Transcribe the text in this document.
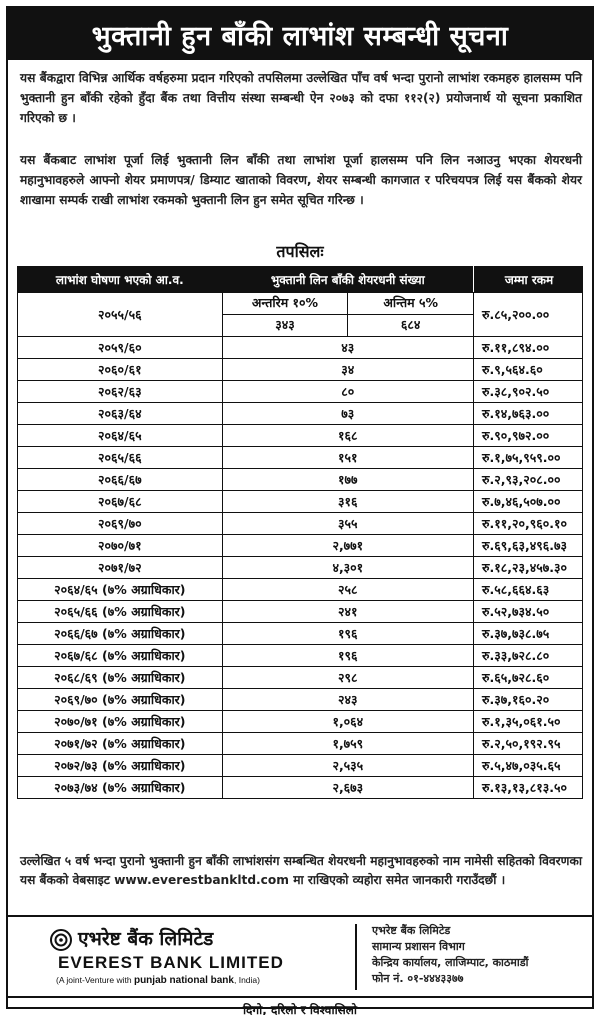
भुक्तानी हुन बाँकी लाभांश सम्बन्धी सूचना

यस बैंकद्वारा विभिन्न आर्थिक वर्षहरुमा प्रदान गरिएको तपसिलमा उल्लेखित पाँच वर्ष भन्दा पुरानो लाभांश रकमहरु हालसम्म पनि भुक्तानी हुन बाँकी रहेको हुँदा बैंक तथा वित्तीय संस्था सम्बन्धी ऐन २०७३ को दफा ११२(२) प्रयोजनार्थ यो सूचना प्रकाशित गरिएको छ ।

यस बैंकबाट लाभांश पूर्जा लिई भुक्तानी लिन बाँकी तथा लाभांश पूर्जा हालसम्म पनि लिन नआउनु भएका शेयरधनी महानुभावहरुले आफ्नो शेयर प्रमाणपत्र/ डिम्याट खाताको विवरण, शेयर सम्बन्धी कागजात र परिचयपत्र लिई यस बैंकको शेयर शाखामा सम्पर्क राखी लाभांश रकमको भुक्तानी लिन हुन समेत सूचित गरिन्छ ।

तपसिलः
लाभांश घोषणा भएको आ.व.	भुक्तानी लिन बाँकी शेयरधनी संख्या	जम्मा रकम
२०५५/५६	अन्तरिम १०% अन्तिम ५%	रु.८५,२००.००

	३४३ ६८४	

२०५९/६०	४३	रु.११,८९४.००
२०६०/६१	३४	रु.९,५६४.६०
२०६२/६३	८०	रु.३८,९०२.५०
२०६३/६४	७३	रु.१४,७६३.००
२०६४/६५	१६८	रु.९०,९७२.००
२०६५/६६	१५१	रु.१,७५,९५९.००
२०६६/६७	१७७	रु.२,९३,२०८.००
२०६७/६८	३१६	रु.७,४६,५०७.००
२०६९/७०	३५५	रु.११,२०,९६०.१०
२०७०/७१	२,७७१	रु.६९,६३,४९६.७३
२०७१/७२	४,३०१	रु.१८,२३,४५७.३०
२०६४/६५ (७% अग्राधिकार)	२५८	रु.५८,६६४.६३
२०६५/६६ (७% अग्राधिकार)	२४१	रु.५२,७३४.५०
२०६६/६७ (७% अग्राधिकार)	१९६	रु.३७,७३८.७५
२०६७/६८ (७% अग्राधिकार)	१९६	रु.३३,७२८.८०
२०६८/६९ (७% अग्राधिकार)	२९८	रु.६५,७२८.६०
२०६९/७० (७% अग्राधिकार)	२४३	रु.३७,१६०.२०
२०७०/७१ (७% अग्राधिकार)	१,०६४	रु.१,३५,०६१.५०
२०७१/७२ (७% अग्राधिकार)	१,७५९	रु.२,५०,१९२.९५
२०७२/७३ (७% अग्राधिकार)	२,५३५	रु.५,४७,०३५.६५
२०७३/७४ (७% अग्राधिकार)	२,६७३	रु.१३,१३,८१३.५०

उल्लेखित ५ वर्ष भन्दा पुरानो भुक्तानी हुन बाँकी लाभांशसंग सम्बन्धित शेयरधनी महानुभावहरुको नाम नामेसी सहितको विवरणका यस बैंकको वेबसाइट www.everestbankltd.com मा राखिएको व्यहोरा समेत जानकारी गराउँदछौं ।

एभरेष्ट बैंक लिमिटेड
EVEREST BANK LIMITED
(A joint-Venture with punjab national bank, India)
एभरेष्ट बैंक लिमिटेड
सामान्य प्रशासन विभाग
केन्द्रिय कार्यालय, लाजिम्पाट, काठमाडौं
फोन नं. ०१-४४४३३७७
दिगो, दरिलो र विश्वासिलो
